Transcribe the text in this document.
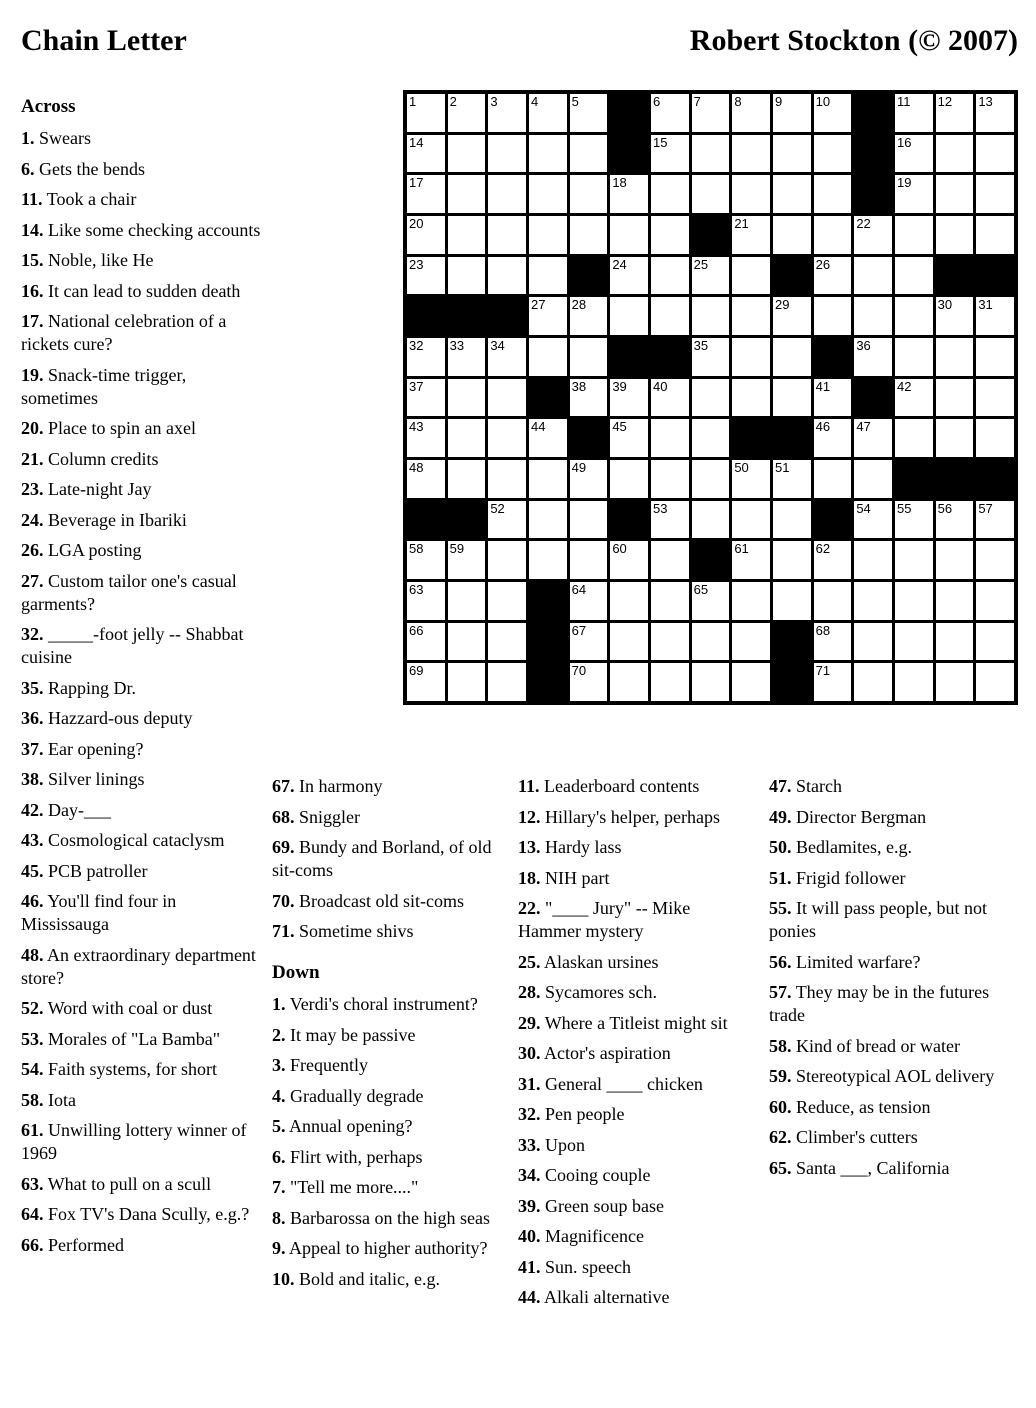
Chain Letter	Robert Stockton (© 2007)
1	2	3	4	5	6	7	8	9	10	11 12 13
14	15	16
17	18	19
20	21	22
23	24	25	26
27 28	29	30 31
32 33 34	35	36
37	38 39 40	41	42
43	44	45	46 47
48	49	50 51
52	53	54 55 56 57
58 59	60	61	62
63	64	65
66	67	68
69	70	71
Across

1. Swears

6. Gets the bends

11. Took a chair

14. Like some checking accounts

15. Noble, like He

16. It can lead to sudden death

17. National celebration of a rickets cure?

19. Snack-time trigger, sometimes

20. Place to spin an axel

21. Column credits

23. Late-night Jay

24. Beverage in Ibariki

26. LGA posting

27. Custom tailor one's casual garments?

32. _____-foot jelly -- Shabbat cuisine

35. Rapping Dr.

36. Hazzard-ous deputy

37. Ear opening?

38. Silver linings

42. Day-___

43. Cosmological cataclysm

45. PCB patroller

46. You'll find four in Mississauga

48. An extraordinary department store?

52. Word with coal or dust

53. Morales of "La Bamba"

54. Faith systems, for short

58. Iota

61. Unwilling lottery winner of 1969

63. What to pull on a scull

64. Fox TV's Dana Scully, e.g.?

66. Performed

67. In harmony

68. Sniggler

69. Bundy and Borland, of old sit-coms

70. Broadcast old sit-coms

71. Sometime shivs

Down

1. Verdi's choral instrument?

2. It may be passive

3. Frequently

4. Gradually degrade

5. Annual opening?

6. Flirt with, perhaps

7. "Tell me more...."

8. Barbarossa on the high seas

9. Appeal to higher authority?

10. Bold and italic, e.g.

11. Leaderboard contents

12. Hillary's helper, perhaps

13. Hardy lass

18. NIH part

22. "____ Jury" -- Mike Hammer mystery

25. Alaskan ursines

28. Sycamores sch.

29. Where a Titleist might sit

30. Actor's aspiration

31. General ____ chicken

32. Pen people

33. Upon

34. Cooing couple

39. Green soup base

40. Magnificence

41. Sun. speech

44. Alkali alternative

47. Starch

49. Director Bergman

50. Bedlamites, e.g.

51. Frigid follower

55. It will pass people, but not ponies

56. Limited warfare?

57. They may be in the futures trade

58. Kind of bread or water

59. Stereotypical AOL delivery

60. Reduce, as tension

62. Climber's cutters

65. Santa ___, California
